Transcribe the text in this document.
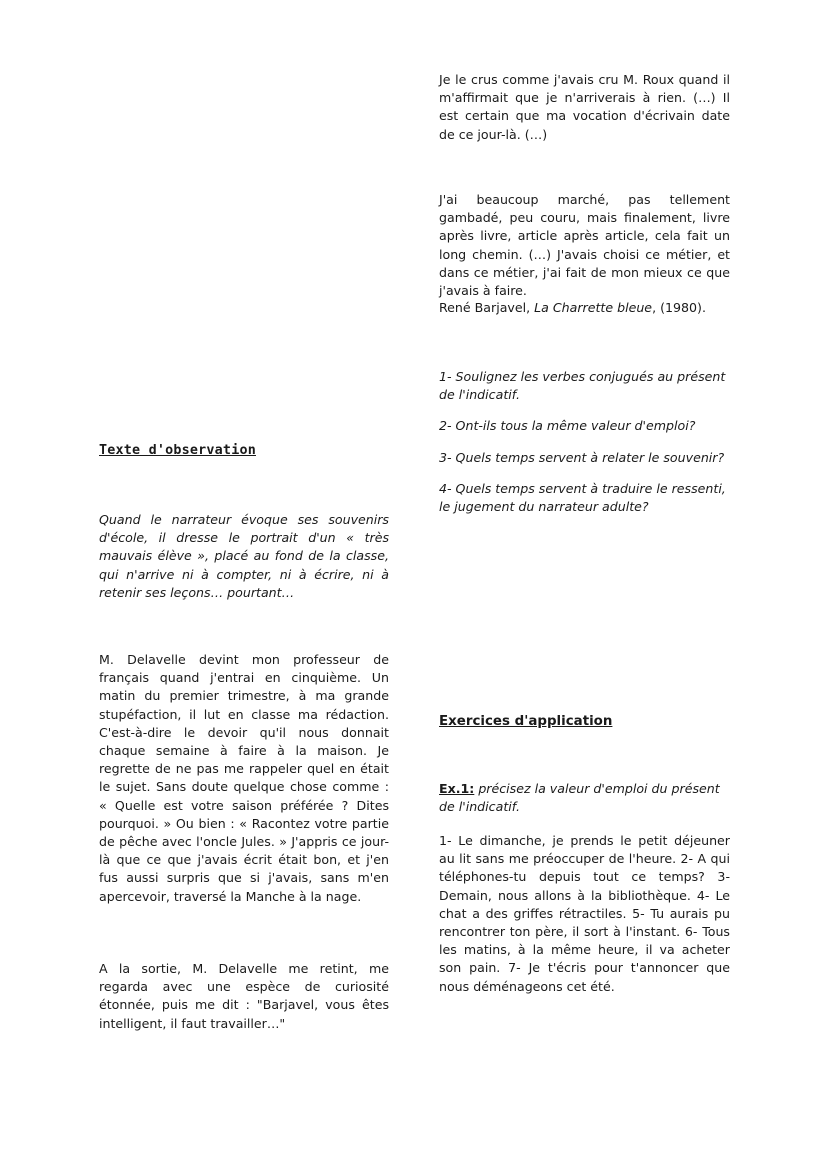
Texte d'observation

Quand le narrateur évoque ses souvenirs d'école, il dresse le portrait d'un « très mauvais élève », placé au fond de la classe, qui n'arrive ni à compter, ni à écrire, ni à retenir ses leçons… pourtant…

M. Delavelle devint mon professeur de français quand j'entrai en cinquième. Un matin du premier trimestre, à ma grande stupéfaction, il lut en classe ma rédaction. C'est-à-dire le devoir qu'il nous donnait chaque semaine à faire à la maison. Je regrette de ne pas me rappeler quel en était le sujet. Sans doute quelque chose comme : « Quelle est votre saison préférée ? Dites pourquoi. » Ou bien : « Racontez votre partie de pêche avec l'oncle Jules. » J'appris ce jour-là que ce que j'avais écrit était bon, et j'en fus aussi surpris que si j'avais, sans m'en apercevoir, traversé la Manche à la nage.

A la sortie, M. Delavelle me retint, me regarda avec une espèce de curiosité étonnée, puis me dit : "Barjavel, vous êtes intelligent, il faut travailler…"

Je le crus comme j'avais cru M. Roux quand il m'affirmait que je n'arriverais à rien. (…) Il est certain que ma vocation d'écrivain date de ce jour-là. (…)

J'ai beaucoup marché, pas tellement gambadé, peu couru, mais finalement, livre après livre, article après article, cela fait un long chemin. (…) J'avais choisi ce métier, et dans ce métier, j'ai fait de mon mieux ce que j'avais à faire.

René Barjavel, La Charrette bleue, (1980).

1- Soulignez les verbes conjugués au présent de l'indicatif.

2- Ont-ils tous la même valeur d'emploi?

3- Quels temps servent à relater le souvenir?

4- Quels temps servent à traduire le ressenti, le jugement du narrateur adulte?

Exercices d'application

Ex.1: précisez la valeur d'emploi du présent de l'indicatif.

1- Le dimanche, je prends le petit déjeuner au lit sans me préoccuper de l'heure. 2- A qui téléphones-tu depuis tout ce temps? 3- Demain, nous allons à la bibliothèque. 4- Le chat a des griffes rétractiles. 5- Tu aurais pu rencontrer ton père, il sort à l'instant. 6- Tous les matins, à la même heure, il va acheter son pain. 7- Je t'écris pour t'annoncer que nous déménageons cet été.
